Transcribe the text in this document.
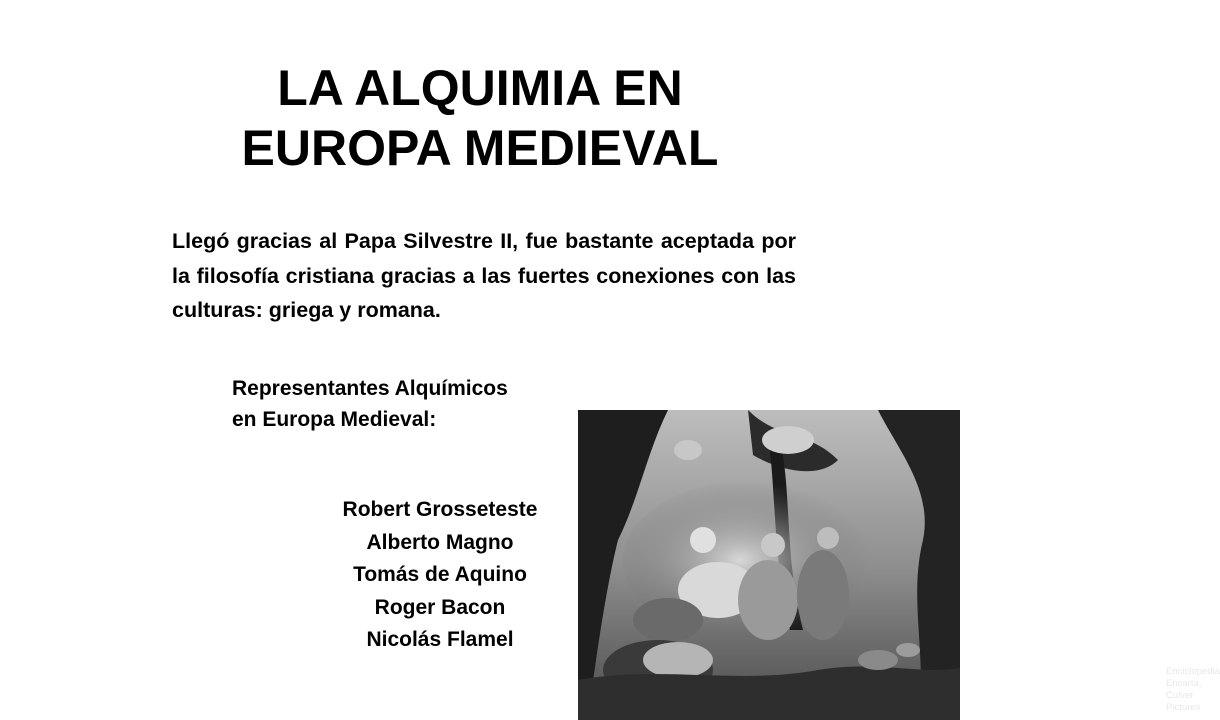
LA ALQUIMIA EN
EUROPA MEDIEVAL

Llegó gracias al Papa Silvestre II, fue bastante aceptada por la filosofía cristiana gracias a las fuertes conexiones con las culturas: griega y romana.

Representantes Alquímicos
en Europa Medieval:

Robert Grosseteste
Alberto Magno
Tomás de Aquino
Roger Bacon
Nicolás Flamel
Enciclopedia Encarta, Culver Pictures
